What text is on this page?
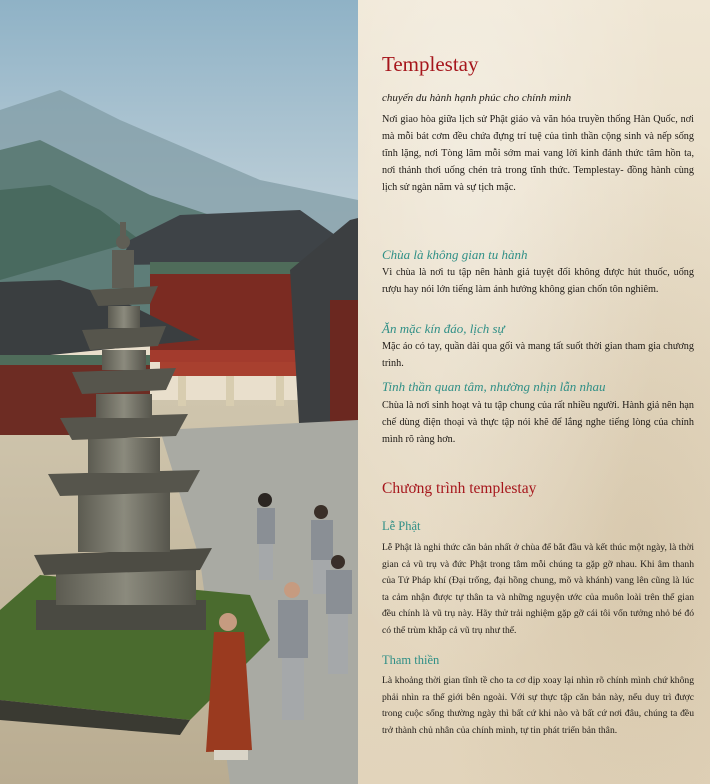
Templestay
chuyến du hành hạnh phúc cho chính mình

Nơi giao hòa giữa lịch sử Phật giáo và văn hóa truyền thống Hàn Quốc, nơi mà mỗi bát cơm đều chứa đựng trí tuệ của tình thần cộng sinh và nếp sống tĩnh lặng, nơi Tòng lâm mỗi sớm mai vang lời kinh đánh thức tâm hồn ta, nơi thảnh thơi uống chén trà trong tĩnh thức. Templestay- đồng hành cùng lịch sử ngàn năm và sự tịch mặc.

Chùa là không gian tu hành

Vì chùa là nơi tu tập nên hành giả tuyệt đối không được hút thuốc, uống rượu hay nói lớn tiếng làm ảnh hưởng không gian chốn tôn nghiêm.

Ăn mặc kín đáo, lịch sự

Mặc áo có tay, quần dài qua gối và mang tất suốt thời gian tham gia chương trình.

Tinh thần quan tâm, nhường nhịn lẫn nhau

Chùa là nơi sinh hoạt và tu tập chung của rất nhiều người. Hành giả nên hạn chế dùng điện thoại và thực tập nói khẽ để lắng nghe tiếng lòng của chính mình rõ ràng hơn.

Chương trình templestay
Lễ Phật

Lễ Phật là nghi thức căn bản nhất ở chùa để bắt đầu và kết thúc một ngày, là thời gian cả vũ trụ và đức Phật trong tâm mỗi chúng ta gặp gỡ nhau. Khi âm thanh của Tứ Pháp khí (Đại trống, đại hồng chung, mõ và khánh) vang lên cũng là lúc ta cảm nhận được tự thân ta và những nguyện ước của muôn loài trên thế gian đều chính là vũ trụ này. Hãy thử trải nghiệm gặp gỡ cái tôi vốn tưởng nhỏ bé đó có thể trùm khắp cả vũ trụ như thế.

Tham thiền

Là khoảng thời gian tĩnh tề cho ta cơ dịp xoay lại nhìn rõ chính mình chứ không phải nhìn ra thế giới bên ngoài. Với sự thực tập căn bản này, nếu duy trì được trong cuộc sống thường ngày thì bất cứ khi nào và bất cứ nơi đâu, chúng ta đều trở thành chủ nhân của chính mình, tự tin phát triển bản thân.
